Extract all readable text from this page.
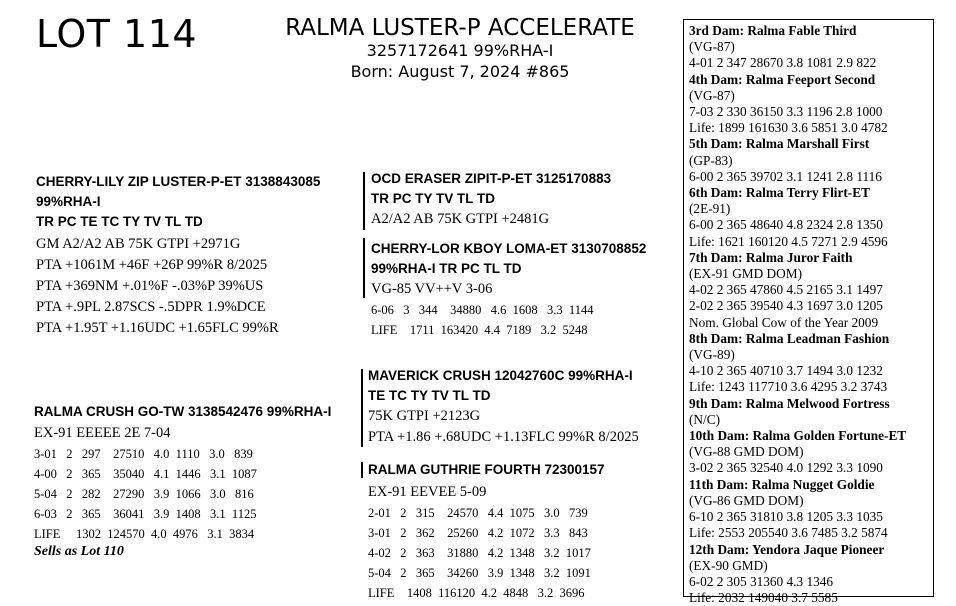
LOT 114	RALMA LUSTER-P ACCELERATE
3257172641 99%RHA-I
Born: August 7, 2024 #865
CHERRY-LILY ZIP LUSTER-P-ET 3138843085
99%RHA-I
TR PC TE TC TY TV TL TD
GM A2/A2 AB 75K GTPI +2971G
PTA +1061M +46F +26P 99%R 8/2025
PTA +369NM +.01%F -.03%P 39%US
PTA +.9PL 2.87SCS -.5DPR 1.9%DCE
PTA +1.95T +1.16UDC +1.65FLC 99%R
OCD ERASER ZIPIT-P-ET 3125170883
TR PC TY TV TL TD
A2/A2 AB 75K GTPI +2481G
CHERRY-LOR KBOY LOMA-ET 3130708852
99%RHA-I TR PC TL TD
VG-85 VV++V 3-06
6-06   3   344    34880   4.6  1608   3.3  1144
LIFE    1711  163420  4.4  7189   3.2  5248
RALMA CRUSH GO-TW 3138542476 99%RHA-I
EX-91 EEEEE 2E 7-04
3-01   2   297    27510   4.0  1110   3.0   839
4-00   2   365    35040   4.1  1446   3.1  1087
5-04   2   282    27290   3.9  1066   3.0   816
6-03   2   365    36041   3.9  1408   3.1  1125
LIFE     1302  124570  4.0  4976   3.1  3834
Sells as Lot 110
MAVERICK CRUSH 12042760C 99%RHA-I
TE TC TY TV TL TD
75K GTPI +2123G
PTA +1.86 +.68UDC +1.13FLC 99%R 8/2025
RALMA GUTHRIE FOURTH 72300157
EX-91 EEVEE 5-09
2-01   2   315    24570   4.4  1075   3.0   739
3-01   2   362    25260   4.2  1072   3.3   843
4-02   2   363    31880   4.2  1348   3.2  1017
5-04   2   365    34260   3.9  1348   3.2  1091
LIFE    1408  116120  4.2  4848   3.2  3696
3rd Dam: Ralma Fable Third
(VG-87)
4-01 2 347 28670 3.8 1081 2.9 822
4th Dam: Ralma Feeport Second
(VG-87)
7-03 2 330 36150 3.3 1196 2.8 1000
Life: 1899 161630 3.6 5851 3.0 4782
5th Dam: Ralma Marshall First
(GP-83)
6-00 2 365 39702 3.1 1241 2.8 1116
6th Dam: Ralma Terry Flirt-ET
(2E-91)
6-00 2 365 48640 4.8 2324 2.8 1350
Life: 1621 160120 4.5 7271 2.9 4596
7th Dam: Ralma Juror Faith
(EX-91 GMD DOM)
4-02 2 365 47860 4.5 2165 3.1 1497
2-02 2 365 39540 4.3 1697 3.0 1205
Nom. Global Cow of the Year 2009
8th Dam: Ralma Leadman Fashion
(VG-89)
4-10 2 365 40710 3.7 1494 3.0 1232
Life: 1243 117710 3.6 4295 3.2 3743
9th Dam: Ralma Melwood Fortress
(N/C)
10th Dam: Ralma Golden Fortune-ET
(VG-88 GMD DOM)
3-02 2 365 32540 4.0 1292 3.3 1090
11th Dam: Ralma Nugget Goldie
(VG-86 GMD DOM)
6-10 2 365 31810 3.8 1205 3.3 1035
Life: 2553 205540 3.6 7485 3.2 5874
12th Dam: Yendora Jaque Pioneer
(EX-90 GMD)
6-02 2 305 31360 4.3 1346
Life: 2032 149040 3.7 5585
